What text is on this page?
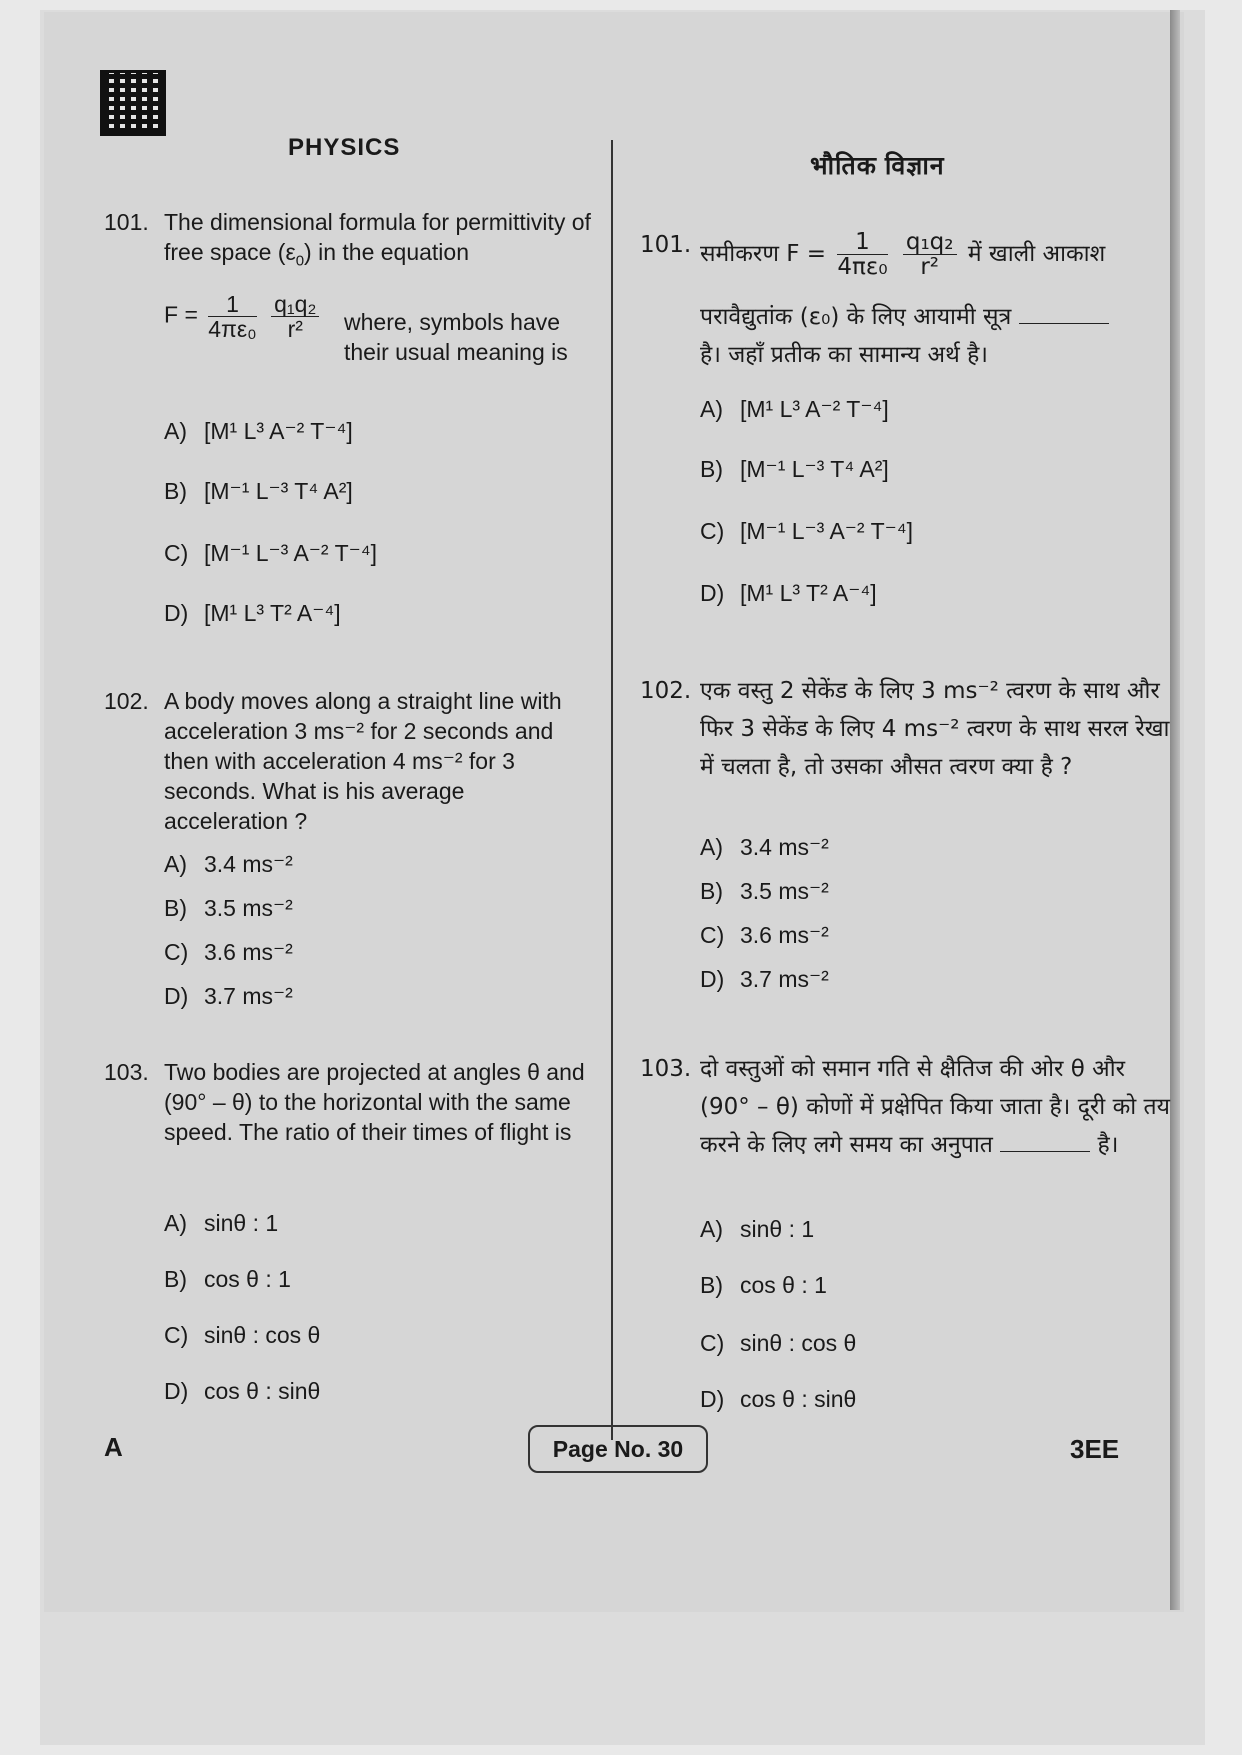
PHYSICS
भौतिक विज्ञान
101. The dimensional formula for permittivity of free space $(\varepsilon_0)$ in the equation
$F = \frac{1}{\text{4πε₀}}$
$\frac{\text{q₁q₂}}{\text{r²}}$ where, symbols have their usual meaning is
A) [M¹ L³ A⁻² T⁻⁴]
B) [M⁻¹ L⁻³ T⁴ A²]
C) [M⁻¹ L⁻³ A⁻² T⁻⁴]
D) [M¹ L³ T² A⁻⁴]
102. A body moves along a straight line with acceleration 3 ms⁻² for 2 seconds and then with acceleration 4 ms⁻² for 3 seconds. What is his average acceleration ?
A) 3.4 ms⁻²
B) 3.5 ms⁻²
C) 3.6 ms⁻²
D) 3.7 ms⁻²
103. Two bodies are projected at angles θ and (90° – θ) to the horizontal with the same speed. The ratio of their times of flight is
A) sinθ : 1
B) cos θ : 1
C) sinθ : cos θ
D) cos θ : sinθ
101. समीकरण $F = \frac{1}{\text{4πε₀}}$
$\frac{\text{q₁q₂}}{\text{r²}}$ में खाली आकाश
परावैद्युतांक (ε₀) के लिए आयामी सूत्र
है। जहाँ प्रतीक का सामान्य अर्थ है।
A) [M¹ L³ A⁻² T⁻⁴]
B) [M⁻¹ L⁻³ T⁴ A²]
C) [M⁻¹ L⁻³ A⁻² T⁻⁴]
D) [M¹ L³ T² A⁻⁴]
102. एक वस्तु 2 सेकेंड के लिए 3 ms⁻² त्वरण के साथ और फिर 3 सेकेंड के लिए 4 ms⁻² त्वरण के साथ सरल रेखा में चलता है, तो उसका औसत त्वरण क्या है ?
A) 3.4 ms⁻²
B) 3.5 ms⁻²
C) 3.6 ms⁻²
D) 3.7 ms⁻²
103. दो वस्तुओं को समान गति से क्षैतिज की ओर θ और (90° – θ) कोणों में प्रक्षेपित किया जाता है। दूरी को तय करने के लिए लगे समय का अनुपात	है।
A) sinθ : 1
B) cos θ : 1
C) sinθ : cos θ
D) cos θ : sinθ
A	Page No. 30	3EE
